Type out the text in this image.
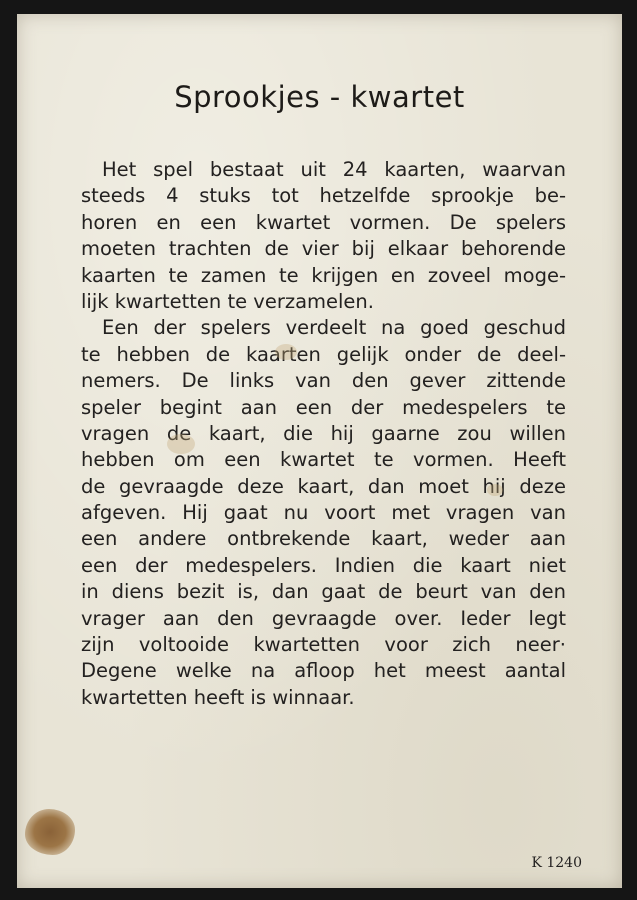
Sprookjes - kwartet
Het spel bestaat uit 24 kaarten, waarvan
steeds 4 stuks tot hetzelfde sprookje be-
horen en een kwartet vormen. De spelers
moeten trachten de vier bij elkaar behorende
kaarten te zamen te krijgen en zoveel moge-
lijk kwartetten te verzamelen.
Een der spelers verdeelt na goed geschud
te hebben de kaarten gelijk onder de deel-
nemers. De links van den gever zittende
speler begint aan een der medespelers te
vragen de kaart, die hij gaarne zou willen
hebben om een kwartet te vormen. Heeft
de gevraagde deze kaart, dan moet hij deze
afgeven. Hij gaat nu voort met vragen van
een andere ontbrekende kaart, weder aan
een der medespelers. Indien die kaart niet
in diens bezit is, dan gaat de beurt van den
vrager aan den gevraagde over. Ieder legt
zijn voltooide kwartetten voor zich neer·
Degene welke na afloop het meest aantal
kwartetten heeft is winnaar.
K 1240
